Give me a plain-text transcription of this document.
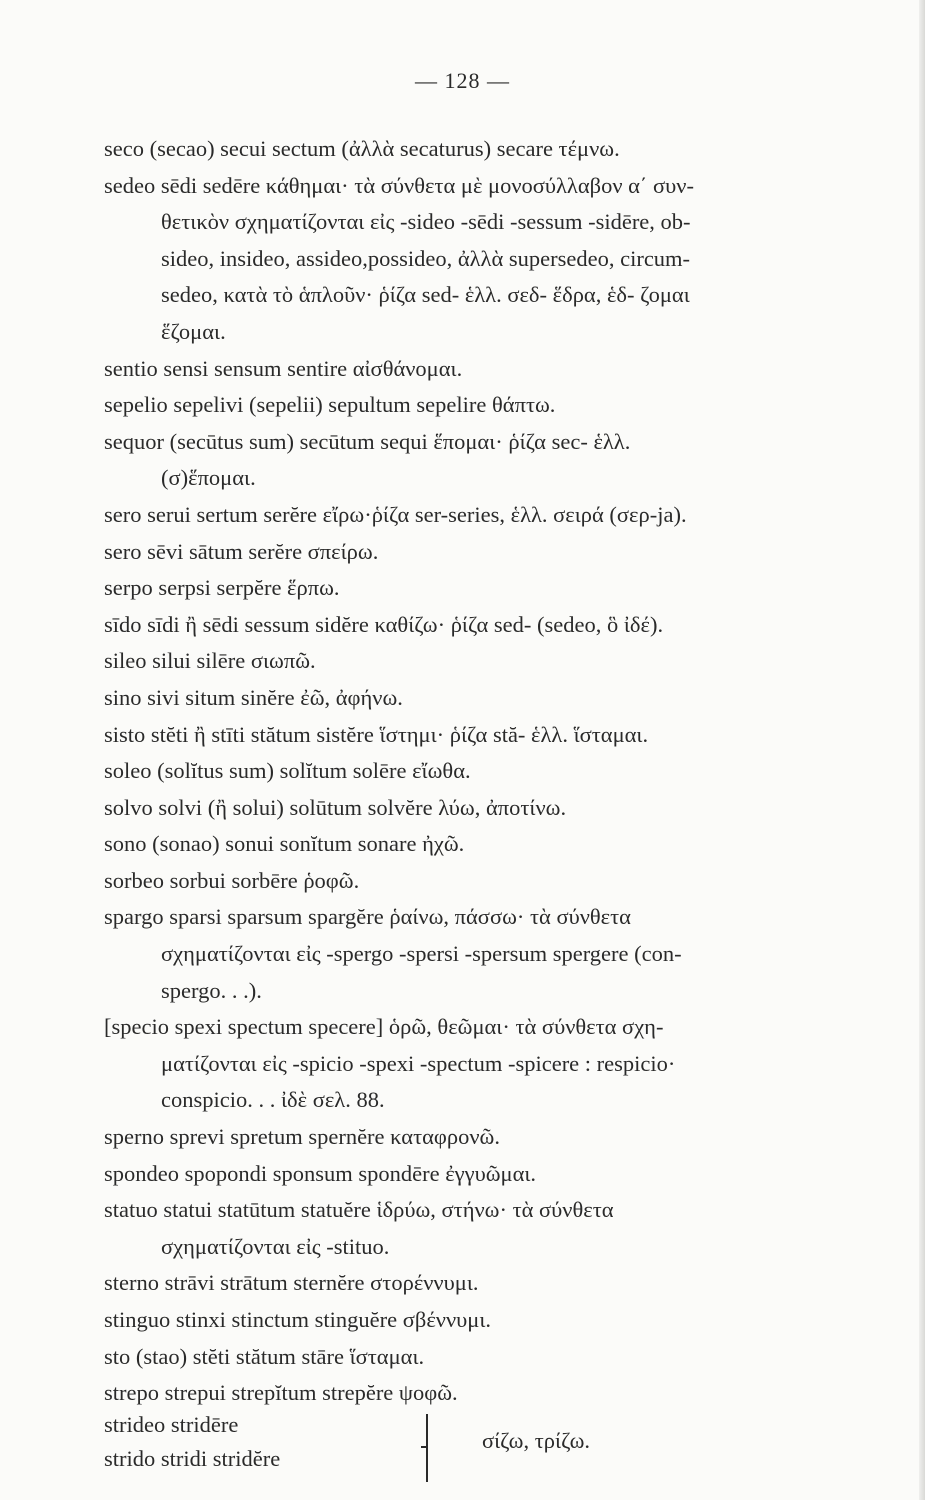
— 128 —
seco (secao) secui sectum (ἀλλὰ secaturus) secare τέμνω.
sedeo sēdi sedēre κάθημαι· τὰ σύνθετα μὲ μονοσύλλαβον α΄ συν-
θετικὸν σχηματίζονται εἰς -sideo -sēdi -sessum -sidēre, ob-
sideo, insideo, assideo,possideo, ἀλλὰ supersedeo, circum-
sedeo, κατὰ τὸ ἁπλοῦν· ῥίζα sed- ἑλλ. σεδ- ἕδρα, ἑδ- ζομαι
ἕζομαι.
sentio sensi sensum sentire αἰσθάνομαι.
sepelio sepelivi (sepelii) sepultum sepelire θάπτω.
sequor (secūtus sum) secūtum sequi ἕπομαι· ῥίζα sec- ἑλλ.
(σ)ἕπομαι.
sero serui sertum serĕre εἴρω·ῥίζα ser-series, ἑλλ. σειρά (σερ-ja).
sero sēvi sātum serĕre σπείρω.
serpo serpsi serpĕre ἕρπω.
sīdo sīdi ἢ sēdi sessum sidĕre καθίζω· ῥίζα sed- (sedeo, ὃ ἰδέ).
sileo silui silēre σιωπῶ.
sino sivi situm sinĕre ἐῶ, ἀφήνω.
sisto stĕti ἢ stīti stătum sistĕre ἵστημι· ῥίζα stă- ἑλλ. ἵσταμαι.
soleo (solĭtus sum) solĭtum solēre εἴωθα.
solvo solvi (ἢ solui) solūtum solvĕre λύω, ἀποτίνω.
sono (sonao) sonui sonĭtum sonare ἠχῶ.
sorbeo sorbui sorbēre ῥοφῶ.
spargo sparsi sparsum spargĕre ῥαίνω, πάσσω· τὰ σύνθετα
σχηματίζονται εἰς -spergo -spersi -spersum spergere (con-
spergo. . .).
[specio spexi spectum specere] ὁρῶ, θεῶμαι· τὰ σύνθετα σχη-
ματίζονται εἰς -spicio -spexi -spectum -spicere : respicio·
conspicio. . . ἰδὲ σελ. 88.
sperno sprevi spretum spernĕre καταφρονῶ.
spondeo spopondi sponsum spondēre ἐγγυῶμαι.
statuo statui statūtum statuĕre ἱδρύω, στήνω· τὰ σύνθετα
σχηματίζονται εἰς -stituo.
sterno strāvi strātum sternĕre στορέννυμι.
stinguo stinxi stinctum stinguĕre σβέννυμι.
sto (stao) stĕti stătum stāre ἵσταμαι.
strepo strepui strepĭtum strepĕre ψοφῶ.
strideo stridēre
strido stridi stridĕre
σίζω, τρίζω.
